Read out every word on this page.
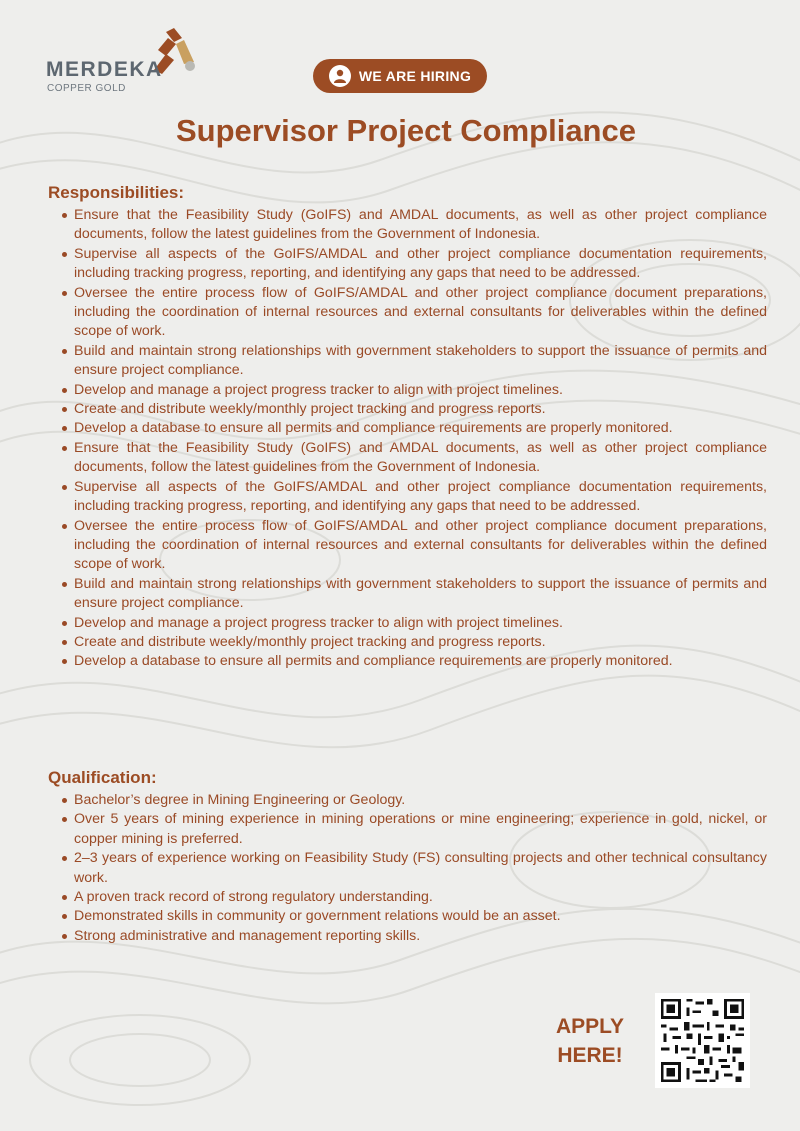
MERDEKA
COPPER GOLD
WE ARE HIRING
Supervisor Project Compliance
Responsibilities:
Ensure that the Feasibility Study (GoIFS) and AMDAL documents, as well as other project compliance documents, follow the latest guidelines from the Government of Indonesia.
Supervise all aspects of the GoIFS/AMDAL and other project compliance documentation requirements, including tracking progress, reporting, and identifying any gaps that need to be addressed.
Oversee the entire process flow of GoIFS/AMDAL and other project compliance document preparations, including the coordination of internal resources and external consultants for deliverables within the defined scope of work.
Build and maintain strong relationships with government stakeholders to support the issuance of permits and ensure project compliance.
Develop and manage a project progress tracker to align with project timelines.
Create and distribute weekly/monthly project tracking and progress reports.
Develop a database to ensure all permits and compliance requirements are properly monitored.
Ensure that the Feasibility Study (GoIFS) and AMDAL documents, as well as other project compliance documents, follow the latest guidelines from the Government of Indonesia.
Supervise all aspects of the GoIFS/AMDAL and other project compliance documentation requirements, including tracking progress, reporting, and identifying any gaps that need to be addressed.
Oversee the entire process flow of GoIFS/AMDAL and other project compliance document preparations, including the coordination of internal resources and external consultants for deliverables within the defined scope of work.
Build and maintain strong relationships with government stakeholders to support the issuance of permits and ensure project compliance.
Develop and manage a project progress tracker to align with project timelines.
Create and distribute weekly/monthly project tracking and progress reports.
Develop a database to ensure all permits and compliance requirements are properly monitored.
Qualification:
Bachelor’s degree in Mining Engineering or Geology.
Over 5 years of mining experience in mining operations or mine engineering; experience in gold, nickel, or copper mining is preferred.
2–3 years of experience working on Feasibility Study (FS) consulting projects and other technical consultancy work.
A proven track record of strong regulatory understanding.
Demonstrated skills in community or government relations would be an asset.
Strong administrative and management reporting skills.
APPLY
HERE!
